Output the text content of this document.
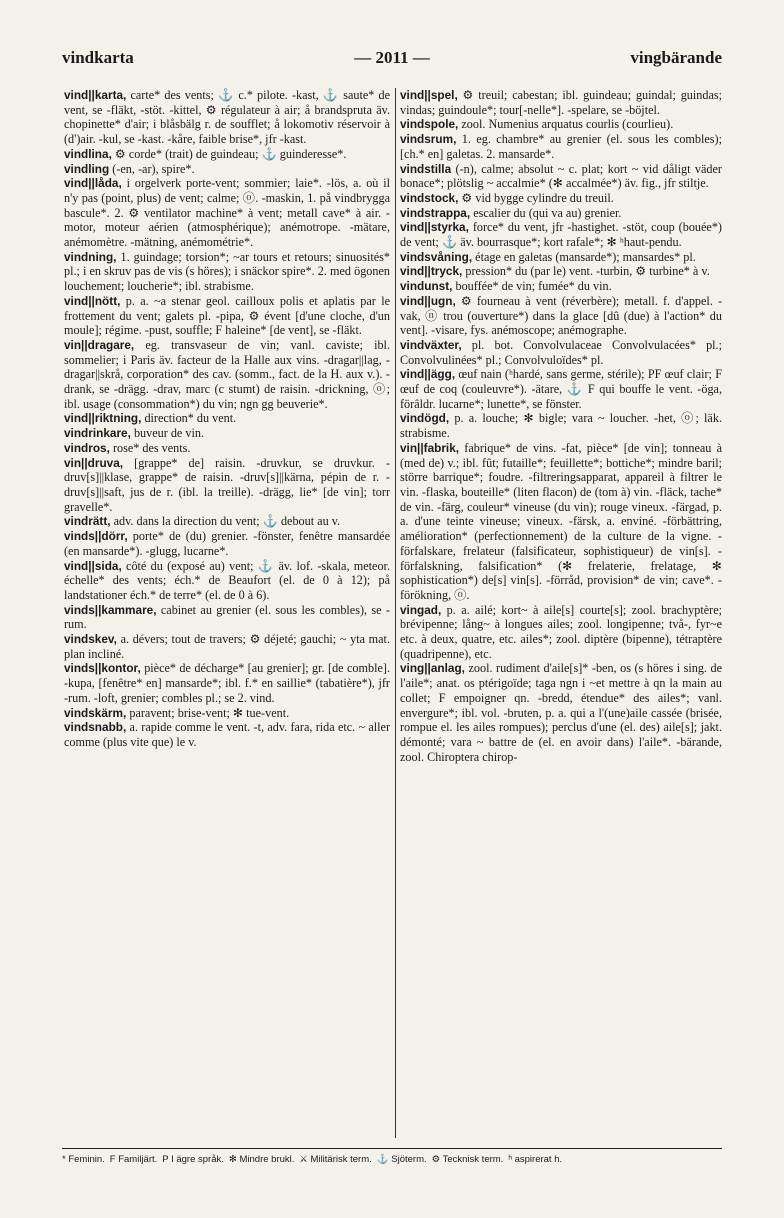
vindkarta	— 2011 —	vingbärande

vind||karta, carte* des vents; ⚓ c.* pilote. -kast, ⚓ saute* de vent, se -fläkt, -stöt. -kittel, ⚙ régulateur à air; å brandspruta äv. chopinette* d'air; i blåsbälg r. de soufflet; å lokomotiv réservoir à (d')air. -kul, se -kast. -kåre, faible brise*, jfr -kast.

vindlina, ⚙ corde* (trait) de guindeau; ⚓ guinderesse*.

vindling (-en, -ar), spire*.

vind||låda, i orgelverk porte-vent; sommier; laie*. -lös, a. où il n'y pas (point, plus) de vent; calme; ⓞ. -maskin, 1. på vindbrygga bascule*. 2. ⚙ ventilator machine* à vent; metall cave* à air. -motor, moteur aérien (atmosphérique); anémotrope. -mätare, anémomètre. -mätning, anémométrie*.

vindning, 1. guindage; torsion*; ~ar tours et retours; sinuosités* pl.; i en skruv pas de vis (s höres); i snäckor spire*. 2. med ögonen louchement; loucherie*; ibl. strabisme.

vind||nött, p. a. ~a stenar geol. cailloux polis et aplatis par le frottement du vent; galets pl. -pipa, ⚙ évent [d'une cloche, d'un moule]; régime. -pust, souffle; F haleine* [de vent], se -fläkt.

vin||dragare, eg. transvaseur de vin; vanl. caviste; ibl. sommelier; i Paris äv. facteur de la Halle aux vins. -dragar||lag, -dragar||skrå, corporation* des cav. (somm., fact. de la H. aux v.). -drank, se -drägg. -drav, marc (c stumt) de raisin. -drickning, ⓞ; ibl. usage (consommation*) du vin; ngn gg beuverie*.

vind||riktning, direction* du vent.

vindrinkare, buveur de vin.

vindros, rose* des vents.

vin||druva, [grappe* de] raisin. -druvkur, se druvkur. -druv[s]||klase, grappe* de raisin. -druv[s]||kärna, pépin de r. -druv[s]||saft, jus de r. (ibl. la treille). -drägg, lie* [de vin]; torr gravelle*.

vindrätt, adv. dans la direction du vent; ⚓ debout au v.

vinds||dörr, porte* de (du) grenier. -fönster, fenêtre mansardée (en mansarde*). -glugg, lucarne*.

vind||sida, côté du (exposé au) vent; ⚓ äv. lof. -skala, meteor. échelle* des vents; éch.* de Beaufort (el. de 0 à 12); på landstationer éch.* de terre* (el. de 0 à 6).

vinds||kammare, cabinet au grenier (el. sous les combles), se -rum.

vindskev, a. dévers; tout de travers; ⚙ déjeté; gauchi; ~ yta mat. plan incliné.

vinds||kontor, pièce* de décharge* [au grenier]; gr. [de comble]. -kupa, [fenêtre* en] mansarde*; ibl. f.* en saillie* (tabatière*), jfr -rum. -loft, grenier; combles pl.; se 2. vind.

vindskärm, paravent; brise-vent; ✻ tue-vent.

vindsnabb, a. rapide comme le vent. -t, adv. fara, rida etc. ~ aller comme (plus vite que) le v.

vind||spel, ⚙ treuil; cabestan; ibl. guindeau; guindal; guindas; vindas; guindoule*; tour[-nelle*]. -spelare, se -böjtel.

vindspole, zool. Numenius arquatus courlis (courlieu).

vindsrum, 1. eg. chambre* au grenier (el. sous les combles); [ch.* en] galetas. 2. mansarde*.

vindstilla (-n), calme; absolut ~ c. plat; kort ~ vid dåligt väder bonace*; plötslig ~ accalmie* (✻ accalmée*) äv. fig., jfr stiltje.

vindstock, ⚙ vid bygge cylindre du treuil.

vindstrappa, escalier du (qui va au) grenier.

vind||styrka, force* du vent, jfr -hastighet. -stöt, coup (bouée*) de vent; ⚓ äv. bourrasque*; kort rafale*; ✻ ʰhaut-pendu.

vindsvåning, étage en galetas (mansarde*); mansardes* pl.

vind||tryck, pression* du (par le) vent. -turbin, ⚙ turbine* à v.

vindunst, bouffée* de vin; fumée* du vin.

vind||ugn, ⚙ fourneau à vent (réverbère); metall. f. d'appel. -vak, ⓝ trou (ouverture*) dans la glace [dû (due) à l'action* du vent]. -visare, fys. anémoscope; anémographe.

vindväxter, pl. bot. Convolvulaceae Convolvulacées* pl.; Convolvulinées* pl.; Convolvuloïdes* pl.

vind||ägg, œuf nain (ʰhardé, sans germe, stérile); PF œuf clair; F œuf de coq (couleuvre*). -ätare, ⚓ F qui bouffe le vent. -öga, förâldr. lucarne*; lunette*, se fönster.

vindögd, p. a. louche; ✻ bigle; vara ~ loucher. -het, ⓞ; läk. strabisme.

vin||fabrik, fabrique* de vins. -fat, pièce* [de vin]; tonneau à (med de) v.; ibl. fût; futaille*; feuillette*; bottiche*; mindre baril; större barrique*; foudre. -filtreringsapparat, appareil à filtrer le vin. -flaska, bouteille* (liten flacon) de (tom à) vin. -fläck, tache* de vin. -färg, couleur* vineuse (du vin); rouge vineux. -färgad, p. a. d'une teinte vineuse; vineux. -färsk, a. enviné. -förbättring, amélioration* (perfectionnement) de la culture de la vigne. -förfalskare, frelateur (falsificateur, sophistiqueur) de vin[s]. -förfalskning, falsification* (✻ frelaterie, frelatage, ✻ sophistication*) de[s] vin[s]. -förråd, provision* de vin; cave*. -förökning, ⓞ.

vingad, p. a. ailé; kort~ à aile[s] courte[s]; zool. brachyptère; brévipenne; lång~ à longues ailes; zool. longipenne; två-, fyr~e etc. à deux, quatre, etc. ailes*; zool. diptère (bipenne), tétraptère (quadripenne), etc.

ving||anlag, zool. rudiment d'aile[s]* -ben, os (s höres i sing. de l'aile*; anat. os ptérigoïde; taga ngn i ~et mettre à qn la main au collet; F empoigner qn. -bredd, étendue* des ailes*; vanl. envergure*; ibl. vol. -bruten, p. a. qui a l'(une)aile cassée (brisée, rompue el. les ailes rompues); perclus d'une (el. des) aile[s]; jakt. démonté; vara ~ battre de (el. en avoir dans) l'aile*. -bärande, zool. Chiroptera chirop-

* Feminin. F Familjärt. P I ägre språk. ✻ Mindre brukl. ⚔ Militärisk term. ⚓ Sjöterm. ⚙ Tecknisk term. ʰ aspirerat h.
